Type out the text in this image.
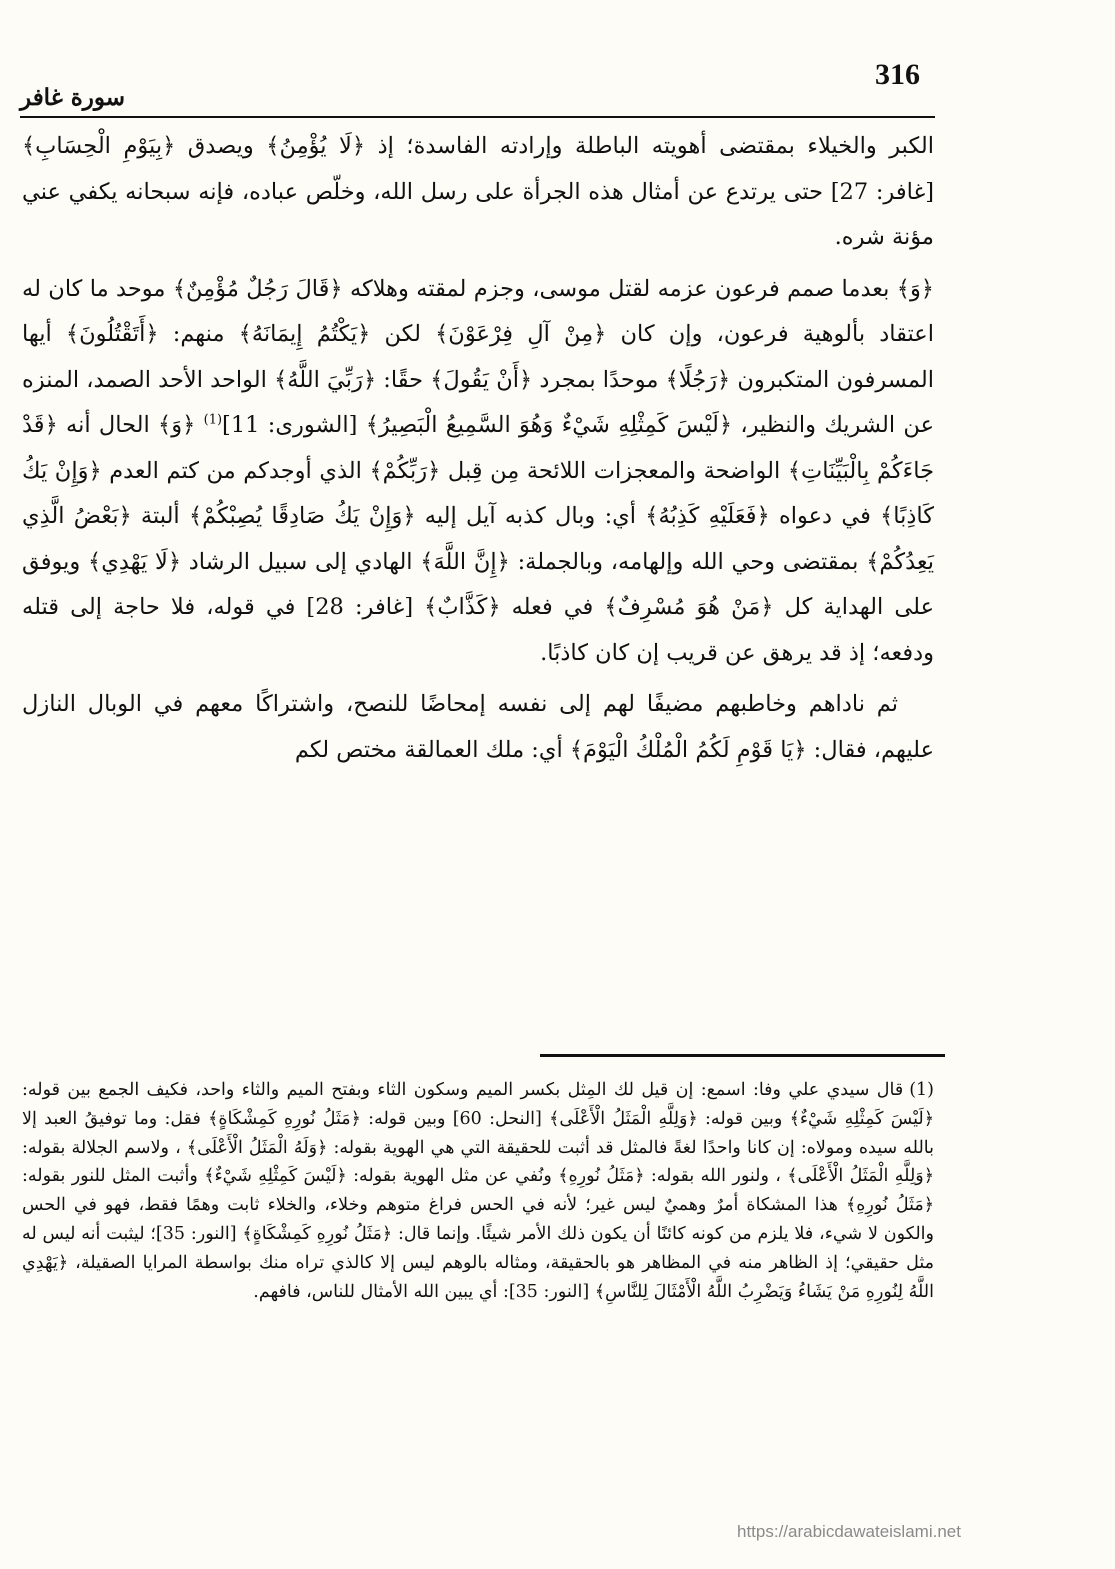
316
سورة غافر

الكبر والخيلاء بمقتضى أهويته الباطلة وإرادته الفاسدة؛ إذ ﴿لَا يُؤْمِنُ﴾ ويصدق ﴿بِيَوْمِ الْحِسَابِ﴾ [غافر: 27] حتى يرتدع عن أمثال هذه الجرأة على رسل الله، وخلّص عباده، فإنه سبحانه يكفي عني مؤنة شره.

﴿وَ﴾ بعدما صمم فرعون عزمه لقتل موسى، وجزم لمقته وهلاكه ﴿قَالَ رَجُلٌ مُؤْمِنٌ﴾ موحد ما كان له اعتقاد بألوهية فرعون، وإن كان ﴿مِنْ آلِ فِرْعَوْنَ﴾ لكن ﴿يَكْتُمُ إِيمَانَهُ﴾ منهم: ﴿أَتَقْتُلُونَ﴾ أيها المسرفون المتكبرون ﴿رَجُلًا﴾ موحدًا بمجرد ﴿أَنْ يَقُولَ﴾ حقًا: ﴿رَبِّيَ اللَّهُ﴾ الواحد الأحد الصمد، المنزه عن الشريك والنظير، ﴿لَيْسَ كَمِثْلِهِ شَيْءٌ وَهُوَ السَّمِيعُ الْبَصِيرُ﴾ [الشورى: 11]$^{(1)}$ ﴿وَ﴾ الحال أنه ﴿قَدْ جَاءَكُمْ بِالْبَيِّنَاتِ﴾ الواضحة والمعجزات اللائحة مِن قِبل ﴿رَبِّكُمْ﴾ الذي أوجدكم من كتم العدم ﴿وَإِنْ يَكُ كَاذِبًا﴾ في دعواه ﴿فَعَلَيْهِ كَذِبُهُ﴾ أي: وبال كذبه آيل إليه ﴿وَإِنْ يَكُ صَادِقًا يُصِبْكُمْ﴾ ألبتة ﴿بَعْضُ الَّذِي يَعِدُكُمْ﴾ بمقتضى وحي الله وإلهامه، وبالجملة: ﴿إِنَّ اللَّهَ﴾ الهادي إلى سبيل الرشاد ﴿لَا يَهْدِي﴾ ويوفق على الهداية كل ﴿مَنْ هُوَ مُسْرِفٌ﴾ في فعله ﴿كَذَّابٌ﴾ [غافر: 28] في قوله، فلا حاجة إلى قتله ودفعه؛ إذ قد يرهق عن قريب إن كان كاذبًا.

ثم ناداهم وخاطبهم مضيفًا لهم إلى نفسه إمحاضًا للنصح، واشتراكًا معهم في الوبال النازل عليهم، فقال: ﴿يَا قَوْمِ لَكُمُ الْمُلْكُ الْيَوْمَ﴾ أي: ملك العمالقة مختص لكم

(1)قال سيدي علي وفا: اسمع: إن قيل لك المِثل بكسر الميم وسكون الثاء وبفتح الميم والثاء واحد، فكيف الجمع بين قوله: ﴿لَيْسَ كَمِثْلِهِ شَيْءٌ﴾ وبين قوله: ﴿وَلِلَّهِ الْمَثَلُ الْأَعْلَى﴾ [النحل: 60] وبين قوله: ﴿مَثَلُ نُورِهِ كَمِشْكَاةٍ﴾ فقل: وما توفيقُ العبد إلا بالله سيده ومولاه: إن كانا واحدًا لغةً فالمثل قد أثبت للحقيقة التي هي الهوية بقوله: ﴿وَلَهُ الْمَثَلُ الْأَعْلَى﴾ ، ولاسم الجلالة بقوله: ﴿وَلِلَّهِ الْمَثَلُ الْأَعْلَى﴾ ، ولنور الله بقوله: ﴿مَثَلُ نُورِهِ﴾ ونُفي عن مثل الهوية بقوله: ﴿لَيْسَ كَمِثْلِهِ شَيْءٌ﴾ وأثبت المثل للنور بقوله: ﴿مَثَلُ نُورِهِ﴾ هذا المشكاة أمرٌ وهميٌ ليس غير؛ لأنه في الحس فراغ متوهم وخلاء، والخلاء ثابت وهمًا فقط، فهو في الحس والكون لا شيء، فلا يلزم من كونه كائنًا أن يكون ذلك الأمر شيئًا. وإنما قال: ﴿مَثَلُ نُورِهِ كَمِشْكَاةٍ﴾ [النور: 35]؛ ليثبت أنه ليس له مثل حقيقي؛ إذ الظاهر منه في المظاهر هو بالحقيقة، ومثاله بالوهم ليس إلا كالذي تراه منك بواسطة المرايا الصقيلة، ﴿يَهْدِي اللَّهُ لِنُورِهِ مَنْ يَشَاءُ وَيَضْرِبُ اللَّهُ الْأَمْثَالَ لِلنَّاسِ﴾ [النور: 35]: أي يبين الله الأمثال للناس، فافهم.

https://arabicdawateislami.net
